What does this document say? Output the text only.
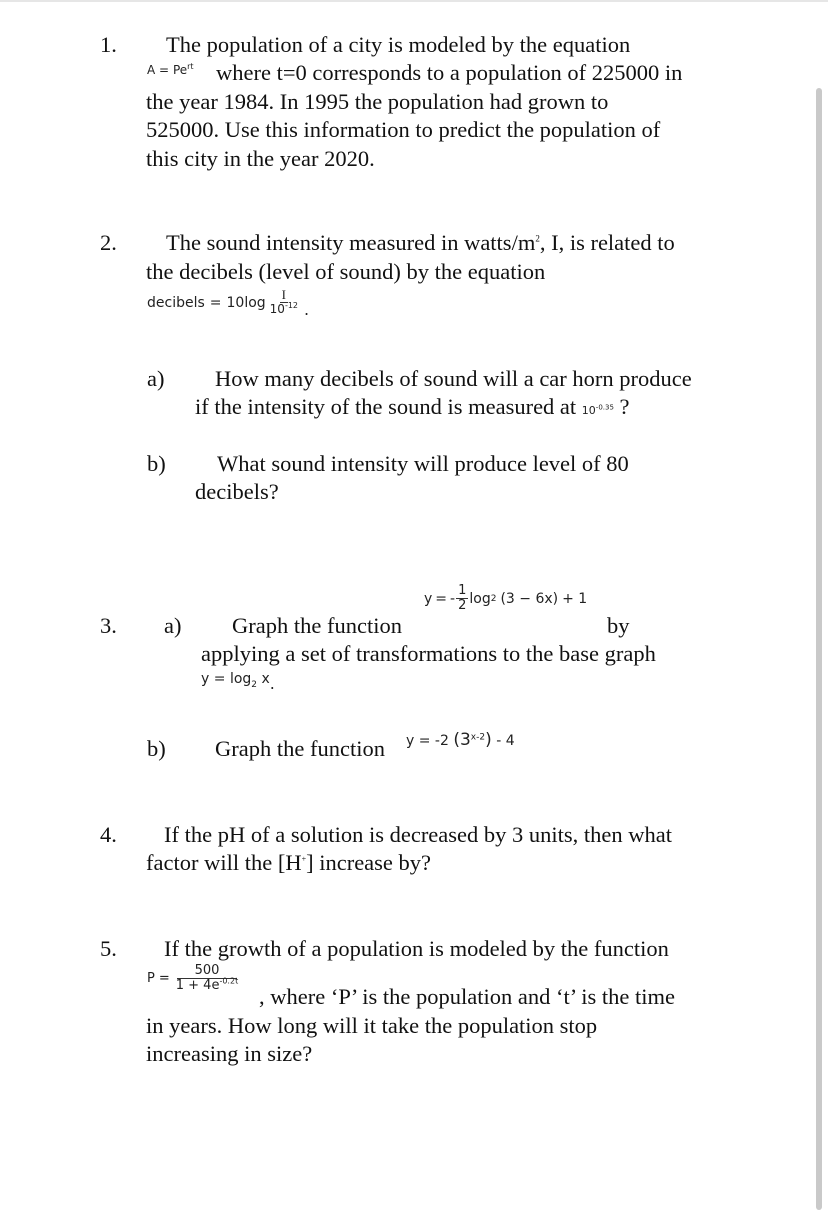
1. The population of a city is modeled by the equation
$A = Pe^{rt}$ where t=0 corresponds to a population of 225000 in
the year 1984. In 1995 the population had grown to
525000. Use this information to predict the population of
this city in the year 2020.
2. The sound intensity measured in watts/$m^2$, I, is related to
the decibels (level of sound) by the equation
decibels = $10\log \frac{I}{10^{-12}}$ .
a) How many decibels of sound will a car horn produce
if the intensity of the sound is measured at $10^{-0.35}$ ?
b) What sound intensity will produce level of 80
decibels?
3. a) Graph the function
y = - $\frac{1}{2}$ log 2 (3 − 6x) + 1
by
applying a set of transformations to the base graph
$y = \log_2 x$.
b) Graph the function y = -2 (3$^{x-2}$) - 4
4. If the pH of a solution is decreased by 3 units, then what
factor will the [H+] increase by?
5. If the growth of a population is modeled by the function
$P = \frac{500}{1 + 4e^{-0.2t}}$
, where ‘P’ is the population and ‘t’ is the time
in years. How long will it take the population stop
increasing in size?
